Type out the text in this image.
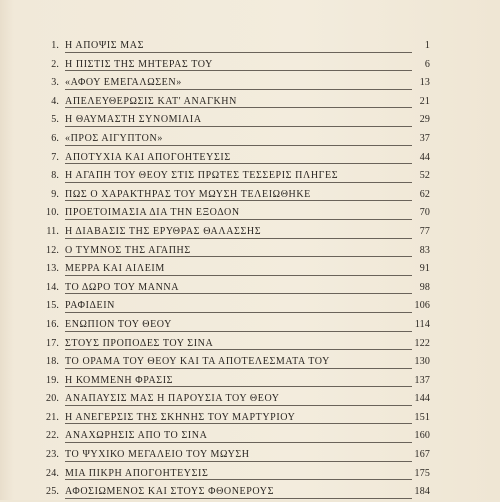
1. Η ΑΠΟΨΙΣ ΜΑΣ	1
2. Η ΠΙΣΤΙΣ ΤΗΣ ΜΗΤΕΡΑΣ ΤΟΥ	6
3. «ΑΦΟΥ ΕΜΕΓΑΛΩΣΕΝ»	13
4. ΑΠΕΛΕΥΘΕΡΩΣΙΣ ΚΑΤ' ΑΝΑΓΚΗΝ	21
5. Η ΘΑΥΜΑΣΤΗ ΣΥΝΟΜΙΛΙΑ	29
6. «ΠΡΟΣ ΑΙΓΥΠΤΟΝ»	37
7. ΑΠΟΤΥΧΙΑ ΚΑΙ ΑΠΟΓΟΗΤΕΥΣΙΣ	44
8. Η ΑΓΑΠΗ ΤΟΥ ΘΕΟΥ ΣΤΙΣ ΠΡΩΤΕΣ ΤΕΣΣΕΡΙΣ ΠΛΗΓΕΣ	52
9. ΠΩΣ Ο ΧΑΡΑΚΤΗΡΑΣ ΤΟΥ ΜΩΥΣΗ ΤΕΛΕΙΩΘΗΚΕ	62
10. ΠΡΟΕΤΟΙΜΑΣΙΑ ΔΙΑ ΤΗΝ ΕΞΟΔΟΝ	70
11. Η ΔΙΑΒΑΣΙΣ ΤΗΣ ΕΡΥΘΡΑΣ ΘΑΛΑΣΣΗΣ	77
12. Ο ΤΥΜΝΟΣ ΤΗΣ ΑΓΑΠΗΣ	83
13. ΜΕΡΡΑ ΚΑΙ ΑΙΛΕΙΜ	91
14. ΤΟ ΔΩΡΟ ΤΟΥ ΜΑΝΝΑ	98
15. ΡΑΦΙΔΕΙΝ	106
16. ΕΝΩΠΙΟΝ ΤΟΥ ΘΕΟΥ	114
17. ΣΤΟΥΣ ΠΡΟΠΟΔΕΣ ΤΟΥ ΣΙΝΑ	122
18. ΤΟ ΟΡΑΜΑ ΤΟΥ ΘΕΟΥ ΚΑΙ ΤΑ ΑΠΟΤΕΛΕΣΜΑΤΑ ΤΟΥ	130
19. Η ΚΟΜΜΕΝΗ ΦΡΑΣΙΣ	137
20. ΑΝΑΠΑΥΣΙΣ ΜΑΣ Η ΠΑΡΟΥΣΙΑ ΤΟΥ ΘΕΟΥ	144
21. Η ΑΝΕΓΕΡΣΙΣ ΤΗΣ ΣΚΗΝΗΣ ΤΟΥ ΜΑΡΤΥΡΙΟΥ	151
22. ΑΝΑΧΩΡΗΣΙΣ ΑΠΟ ΤΟ ΣΙΝΑ	160
23. ΤΟ ΨΥΧΙΚΟ ΜΕΓΑΛΕΙΟ ΤΟΥ ΜΩΥΣΗ	167
24. ΜΙΑ ΠΙΚΡΗ ΑΠΟΓΟΗΤΕΥΣΙΣ	175
25. ΑΦΟΣΙΩΜΕΝΟΣ ΚΑΙ ΣΤΟΥΣ ΦΘΟΝΕΡΟΥΣ	184
